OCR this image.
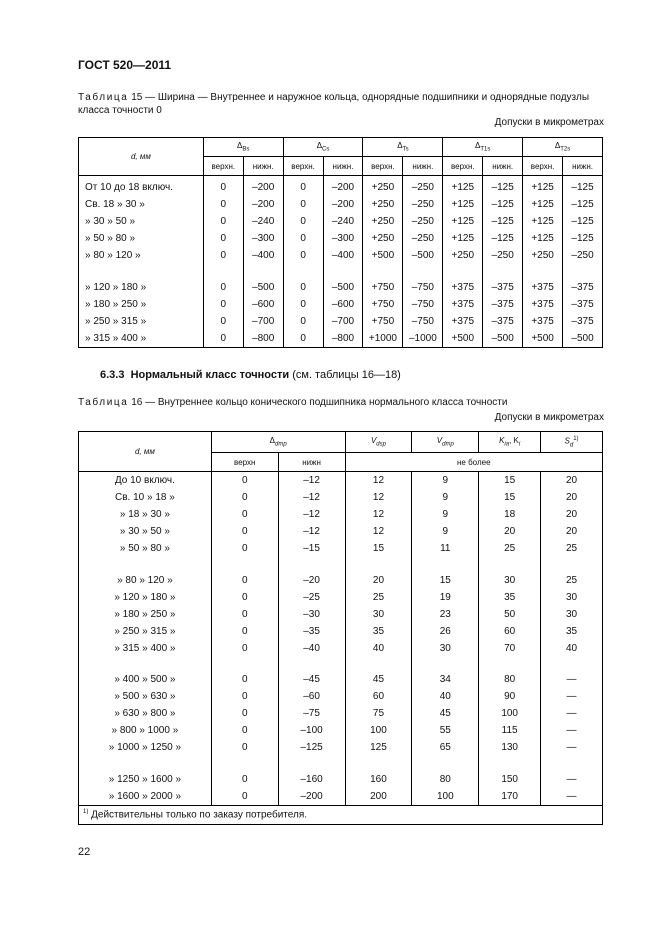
ГОСТ 520—2011
Таблица 15 — Ширина — Внутреннее и наружное кольца, однорядные подшипники и однорядные подузлы класса точности 0
Допуски в микрометрах
d, мм	$\Delta_{Bs}$		$\Delta_{Cs}$		$\Delta_{Ts}$		$\Delta_{T1s}$		$\Delta_{T2s}$
	верхн.	нижн.	верхн.	нижн.	верхн.	нижн.	верхн.	нижн.	верхн.	нижн.
От 10 до 18 включ.	0	–200	0	–200	+250	–250	+125	–125	+125	–125
Св. 18 » 30 »	0	–200	0	–200	+250	–250	+125	–125	+125	–125
» 30 » 50 »	0	–240	0	–240	+250	–250	+125	–125	+125	–125
» 50 » 80 »	0	–300	0	–300	+250	–250	+125	–125	+125	–125
» 80 » 120 »	0	–400	0	–400	+500	–500	+250	–250	+250	–250

» 120 » 180 »	0	–500	0	–500	+750	–750	+375	–375	+375	–375
» 180 » 250 »	0	–600	0	–600	+750	–750	+375	–375	+375	–375
» 250 » 315 »	0	–700	0	–700	+750	–750	+375	–375	+375	–375
» 315 » 400 »	0	–800	0	–800	+1000	–1000	+500	–500	+500	–500
6.3.3 Нормальный класс точности (см. таблицы 16—18)
Таблица 16 — Внутреннее кольцо конического подшипника нормального класса точности
Допуски в микрометрах
d, мм	$\Delta_{dmp}$		$V_{dsp}$	$V_{dmp}$	$K_{ia}$, $K_i$	$S_d^{1)}$
	верхн	нижн	не более			
До 10 включ.	0	–12	12	9	15	20
Св. 10 » 18 »	0	–12	12	9	15	20
» 18 » 30 »	0	–12	12	9	18	20
» 30 » 50 »	0	–12	12	9	20	20
» 50 » 80 »	0	–15	15	11	25	25

» 80 » 120 »	0	–20	20	15	30	25
» 120 » 180 »	0	–25	25	19	35	30
» 180 » 250 »	0	–30	30	23	50	30
» 250 » 315 »	0	–35	35	26	60	35
» 315 » 400 »	0	–40	40	30	70	40

» 400 » 500 »	0	–45	45	34	80	—
» 500 » 630 »	0	–60	60	40	90	—
» 630 » 800 »	0	–75	75	45	100	—
» 800 » 1000 »	0	–100	100	55	115	—
» 1000 » 1250 »	0	–125	125	65	130	—

» 1250 » 1600 »	0	–160	160	80	150	—
» 1600 » 2000 »	0	–200	200	100	170	—
$^{1)}$ Действительны только по заказу потребителя.						
22
